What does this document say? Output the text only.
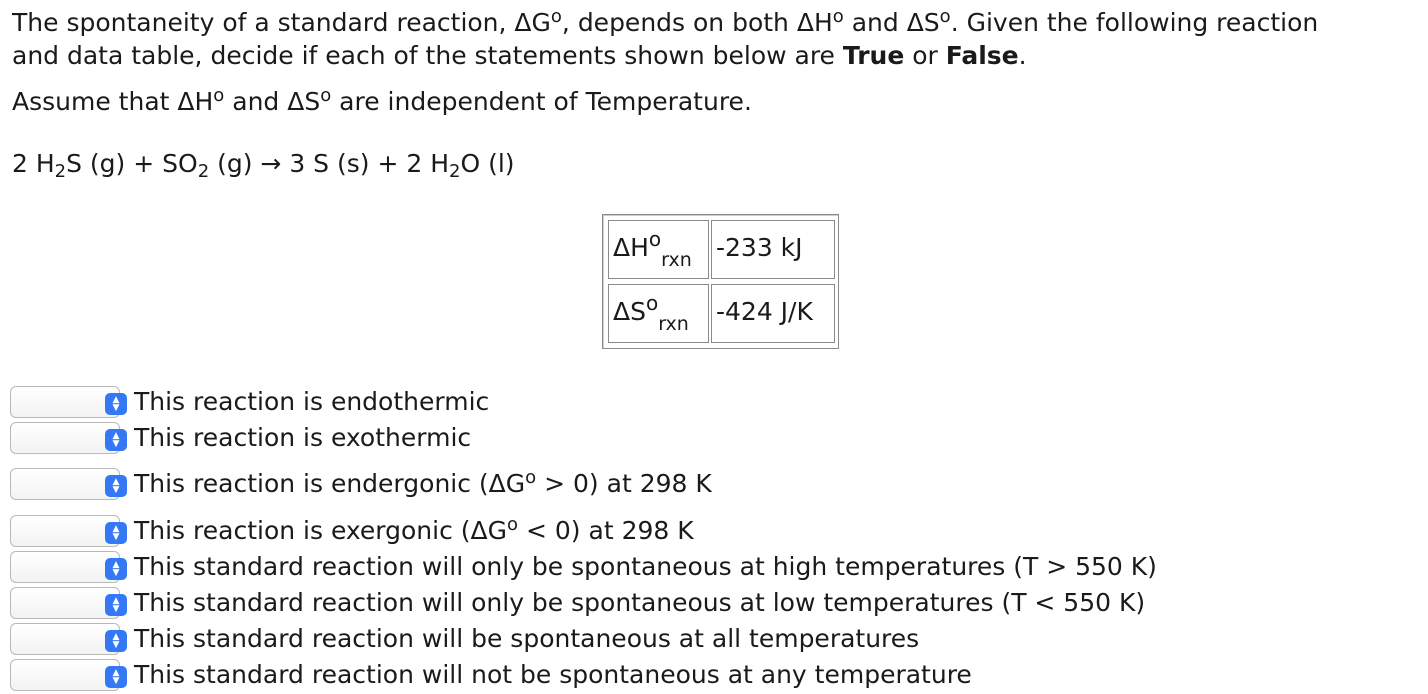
The spontaneity of a standard reaction, $\Delta G^o$, depends on both $\Delta H^o$ and $\Delta S^o$. Given the following reaction
and data table, decide if each of the statements shown below are True or False.
Assume that $\Delta H^o$ and $\Delta S^o$ are independent of Temperature.
2 $H_2S$ $(g) + SO_2$ (g) → 3 S (s) + 2 $H_2O$ (l)
$\Delta H^o_{rxn}$ -233 kJ
$\Delta S^o_{rxn}$	-424 J/K
▲
▼ This reaction is endothermic
▲
▼ This reaction is exothermic
▲
▼ This reaction is endergonic $(\Delta G^o > 0)$ at 298 K
▲
▼ This reaction is exergonic $(\Delta G^o < 0)$ at 298 K
▲
▼ This standard reaction will only be spontaneous at high temperatures (T > 550 K)
▲
▼ This standard reaction will only be spontaneous at low temperatures (T < 550 K)
▲
▼ This standard reaction will be spontaneous at all temperatures
▲
▼ This standard reaction will not be spontaneous at any temperature
